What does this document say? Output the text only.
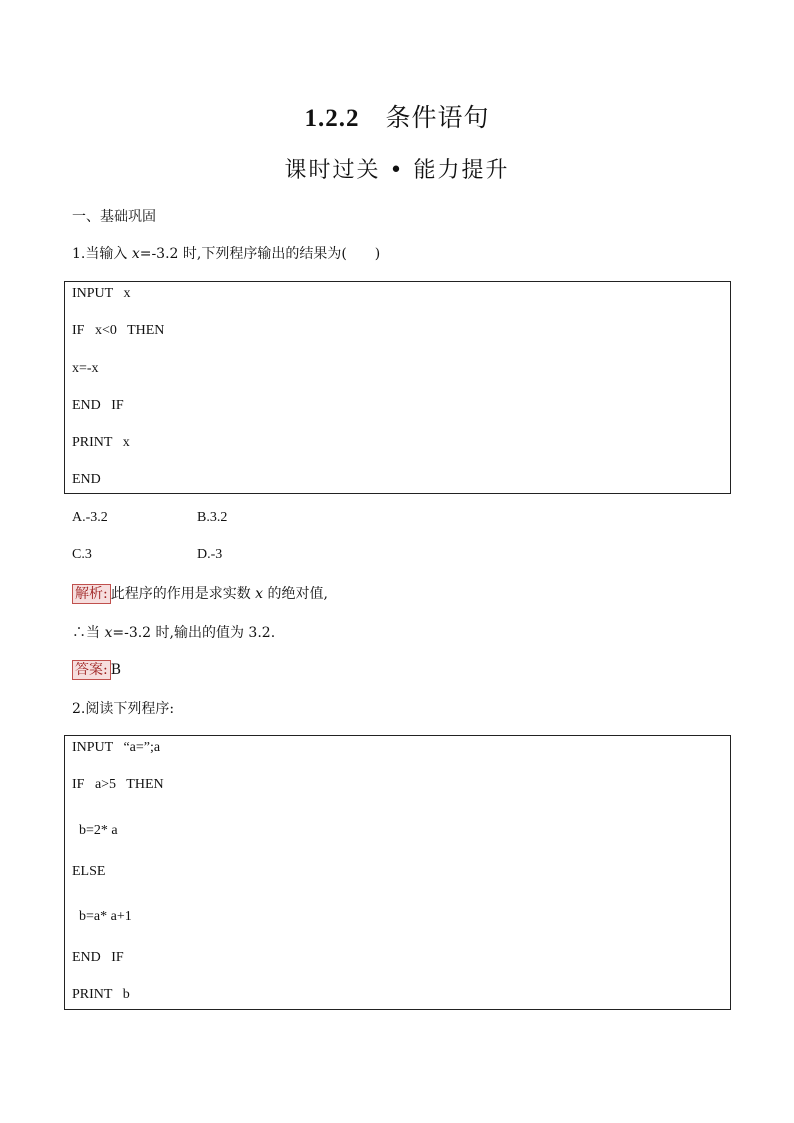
1.2.2 条件语句
课时过关 • 能力提升
一、基础巩固
1.当输入 x=-3.2 时,下列程序输出的结果为(　　)
INPUT   x
IF   x<0   THEN
x=-x
END   IF
PRINT   x
END
A.-3.2	B.3.2
C.3	D.-3
解析: 此程序的作用是求实数 x 的绝对值,
∴当 x=-3.2 时,输出的值为 3.2.
答案: B
2.阅读下列程序:
INPUT   “a=”;a
IF   a>5   THEN
b=2* a
ELSE
b=a* a+1
END   IF
PRINT   b
